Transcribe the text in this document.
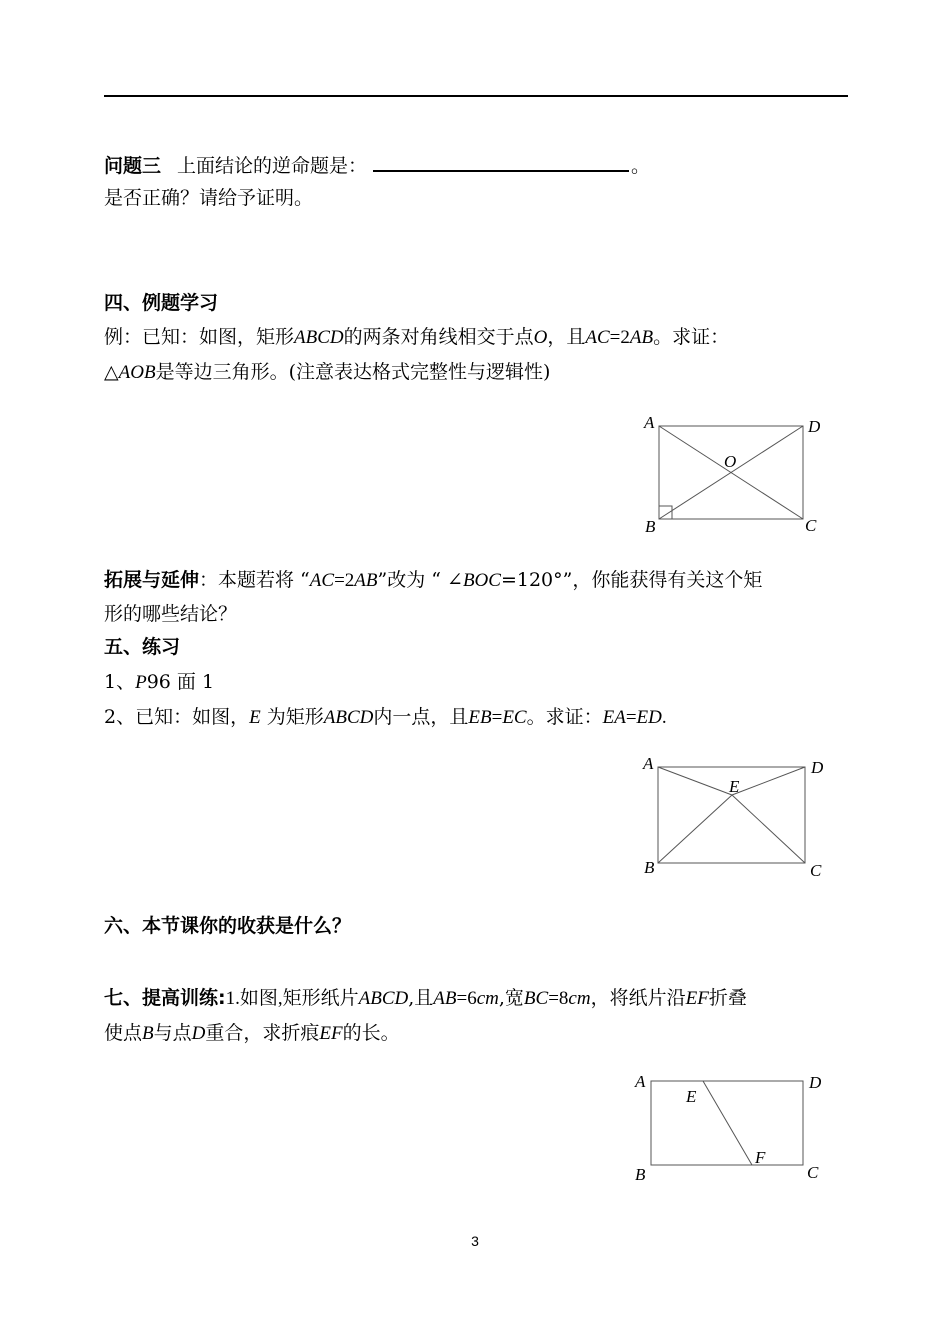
问题三 上面结论的逆命题是：	。
是否正确？请给予证明。
四、例题学习
例：已知：如图，矩形ABCD的两条对角线相交于点O，且AC=2AB。求证：
△AOB是等边三角形。(注意表达格式完整性与逻辑性)
A	D
O
B	C
拓展与延伸：本题若将 “AC=2AB”改为 “ ∠BOC=120°”，你能获得有关这个矩
形的哪些结论？
五、练习
1、P96 面 1
2、已知：如图，E 为矩形ABCD内一点，且EB=EC。求证：EA=ED.
A	D
E
B	C
六、本节课你的收获是什么？
七、提高训练:1.如图,矩形纸片ABCD,且AB=6cm,宽BC=8cm，将纸片沿EF折叠
使点B与点D重合，求折痕EF的长。
A	D
E
F
B	C
3
